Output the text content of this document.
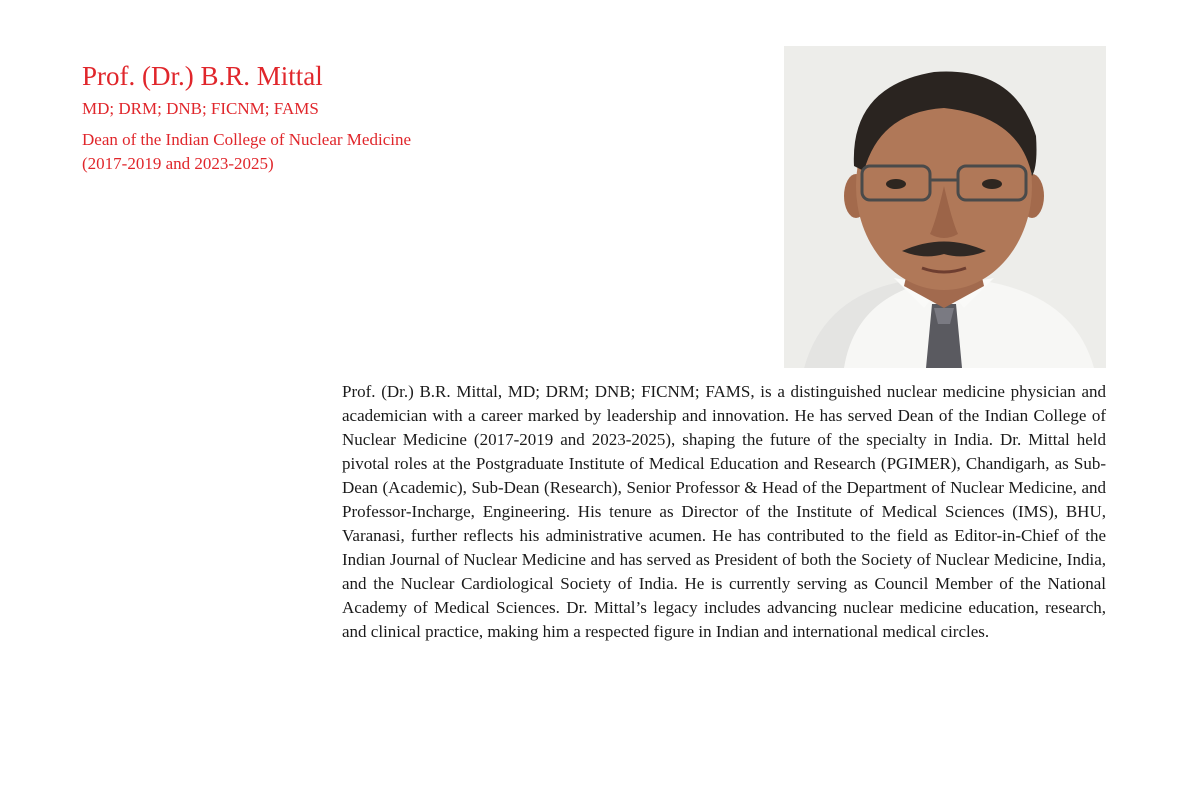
Prof. (Dr.) B.R. Mittal
MD; DRM; DNB; FICNM; FAMS
Dean of the Indian College of Nuclear Medicine
(2017-2019 and 2023-2025)

Prof. (Dr.) B.R. Mittal, MD; DRM; DNB; FICNM; FAMS, is a distinguished nuclear medicine physician and academician with a career marked by leadership and innovation. He has served Dean of the Indian College of Nuclear Medicine (2017-2019 and 2023-2025), shaping the future of the specialty in India. Dr. Mittal held pivotal roles at the Postgraduate Institute of Medical Education and Research (PGIMER), Chandigarh, as Sub-Dean (Academic), Sub-Dean (Research), Senior Professor & Head of the Department of Nuclear Medicine, and Professor-Incharge, Engineering. His tenure as Director of the Institute of Medical Sciences (IMS), BHU, Varanasi, further reflects his administrative acumen. He has contributed to the field as Editor-in-Chief of the Indian Journal of Nuclear Medicine and has served as President of both the Society of Nuclear Medicine, India, and the Nuclear Cardiological Society of India. He is currently serving as Council Member of the National Academy of Medical Sciences. Dr. Mittal’s legacy includes advancing nuclear medicine education, research, and clinical practice, making him a respected figure in Indian and international medical circles.
